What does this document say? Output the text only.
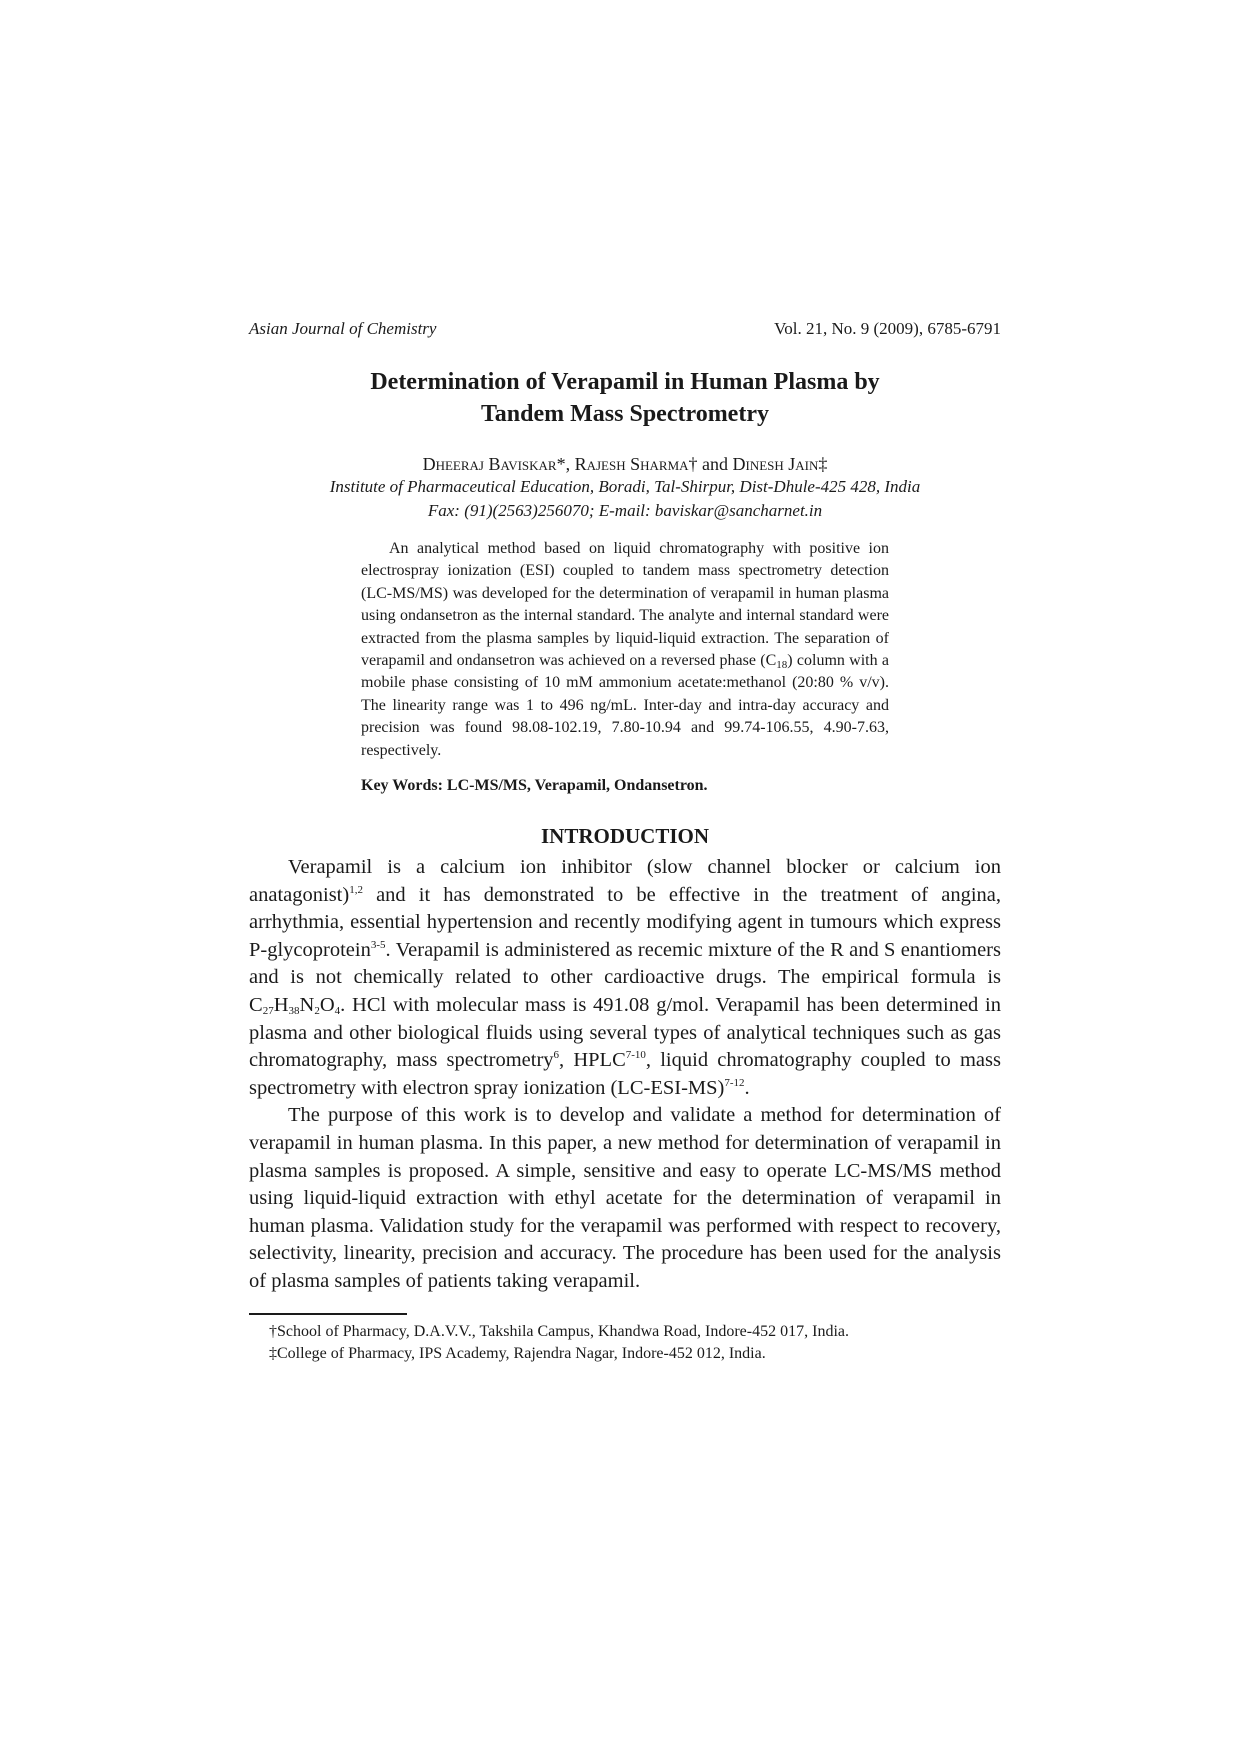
Asian Journal of Chemistry	Vol. 21, No. 9 (2009), 6785-6791
Determination of Verapamil in Human Plasma by
Tandem Mass Spectrometry
Dheeraj Baviskar*, Rajesh Sharma† and Dinesh Jain‡
Institute of Pharmaceutical Education, Boradi, Tal-Shirpur, Dist-Dhule-425 428, India
Fax: (91)(2563)256070; E-mail: baviskar@sancharnet.in
An analytical method based on liquid chromatography with positive ion electrospray ionization (ESI) coupled to tandem mass spectrometry detection (LC-MS/MS) was developed for the determination of verapamil in human plasma using ondansetron as the internal standard. The analyte and internal standard were extracted from the plasma samples by liquid-liquid extraction. The separation of verapamil and ondansetron was achieved on a reversed phase $(C_{18})$ column with a mobile phase consisting of 10 mM ammonium acetate:methanol (20:80 % v/v). The linearity range was 1 to 496 ng/mL. Inter-day and intra-day accuracy and precision was found 98.08-102.19, 7.80-10.94 and 99.74-106.55, 4.90-7.63, respectively.
Key Words: LC-MS/MS, Verapamil, Ondansetron.
INTRODUCTION

Verapamil is a calcium ion inhibitor (slow channel blocker or calcium ion anatagonist)$^{1,2}$ and it has demonstrated to be effective in the treatment of angina, arrhythmia, essential hypertension and recently modifying agent in tumours which express P-glycoprotein$^{3-5}$. Verapamil is administered as recemic mixture of the R and S enantiomers and is not chemically related to other cardioactive drugs. The empirical formula is $C_{27}H_{38}N_2O_4$. HCl with molecular mass is 491.08 g/mol. Verapamil has been determined in plasma and other biological fluids using several types of analytical techniques such as gas chromatography, mass spectrometry$^6$, HPLC$^{7-10}$, liquid chromatography coupled to mass spectrometry with electron spray ionization $(LC-ESI-MS)^{7-12}$.

The purpose of this work is to develop and validate a method for determination of verapamil in human plasma. In this paper, a new method for determination of verapamil in plasma samples is proposed. A simple, sensitive and easy to operate LC-MS/MS method using liquid-liquid extraction with ethyl acetate for the determination of verapamil in human plasma. Validation study for the verapamil was performed with respect to recovery, selectivity, linearity, precision and accuracy. The procedure has been used for the analysis of plasma samples of patients taking verapamil.

†School of Pharmacy, D.A.V.V., Takshila Campus, Khandwa Road, Indore-452 017, India.
‡College of Pharmacy, IPS Academy, Rajendra Nagar, Indore-452 012, India.
